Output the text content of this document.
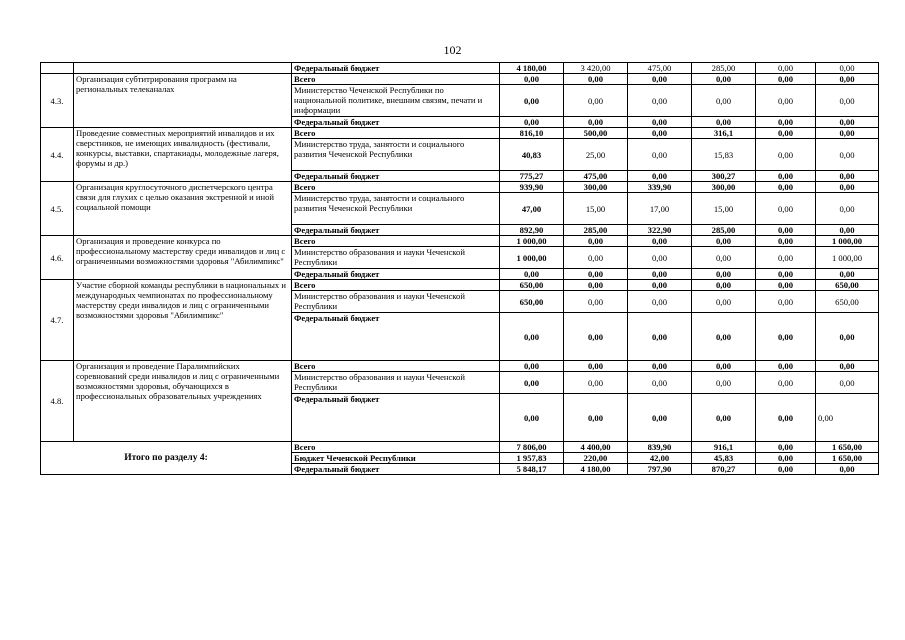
102
		Федеральный бюджет	4 180,00	3 420,00	475,00	285,00	0,00	0,00
4.3.	Организация субтитрирования программ на региональных телеканалах	Всего	0,00	0,00	0,00	0,00	0,00	0,00
		Министерство Чеченской Республики по национальной политике, внешним связям, печати и информации	0,00	0,00	0,00	0,00	0,00	0,00
		Федеральный бюджет	0,00	0,00	0,00	0,00	0,00	0,00
4.4.	Проведение совместных мероприятий инвалидов и их сверстников, не имеющих инвалидность (фестивали, конкурсы, выставки, спартакиады, молодежные лагеря, форумы и др.)	Всего	816,10	500,00	0,00	316,1	0,00	0,00
		Министерство труда, занятости и социального развития Чеченской Республики	40,83	25,00	0,00	15,83	0,00	0,00
		Федеральный бюджет	775,27	475,00	0,00	300,27	0,00	0,00
4.5.	Организация круглосуточного диспетчерского центра связи для глухих с целью оказания экстренной и иной социальной помощи	Всего	939,90	300,00	339,90	300,00	0,00	0,00
		Министерство труда, занятости и социального развития Чеченской Республики	47,00	15,00	17,00	15,00	0,00	0,00
		Федеральный бюджет	892,90	285,00	322,90	285,00	0,00	0,00
4.6.	Организация и проведение конкурса по профессиональному мастерству среди инвалидов и лиц с ограниченными возможностями здоровья "Абилимпикс"	Всего	1 000,00	0,00	0,00	0,00	0,00	1 000,00
		Министерство образования и науки Чеченской Республики	1 000,00	0,00	0,00	0,00	0,00	1 000,00
		Федеральный бюджет	0,00	0,00	0,00	0,00	0,00	0,00
4.7.	Участие сборной команды республики в национальных и международных чемпионатах по профессиональному мастерству среди инвалидов и лиц с ограниченными возможностями здоровья "Абилимпикс"	Всего	650,00	0,00	0,00	0,00	0,00	650,00
		Министерство образования и науки Чеченской Республики	650,00	0,00	0,00	0,00	0,00	650,00
		Федеральный бюджет	0,00	0,00	0,00	0,00	0,00	0,00
4.8.	Организация и проведение Паралимпийских соревнований среди инвалидов и лиц с ограниченными возможностями здоровья, обучающихся в профессиональных образовательных учреждениях	Всего	0,00	0,00	0,00	0,00	0,00	0,00
		Министерство образования и науки Чеченской Республики	0,00	0,00	0,00	0,00	0,00	0,00
		Федеральный бюджет	0,00	0,00	0,00	0,00	0,00	0,00
Итого по разделу 4:		Всего	7 806,00	4 400,00	839,90	916,1	0,00	1 650,00
		Бюджет Чеченской Республики	1 957,83	220,00	42,00	45,83	0,00	1 650,00
		Федеральный бюджет	5 848,17	4 180,00	797,90	870,27	0,00	0,00
